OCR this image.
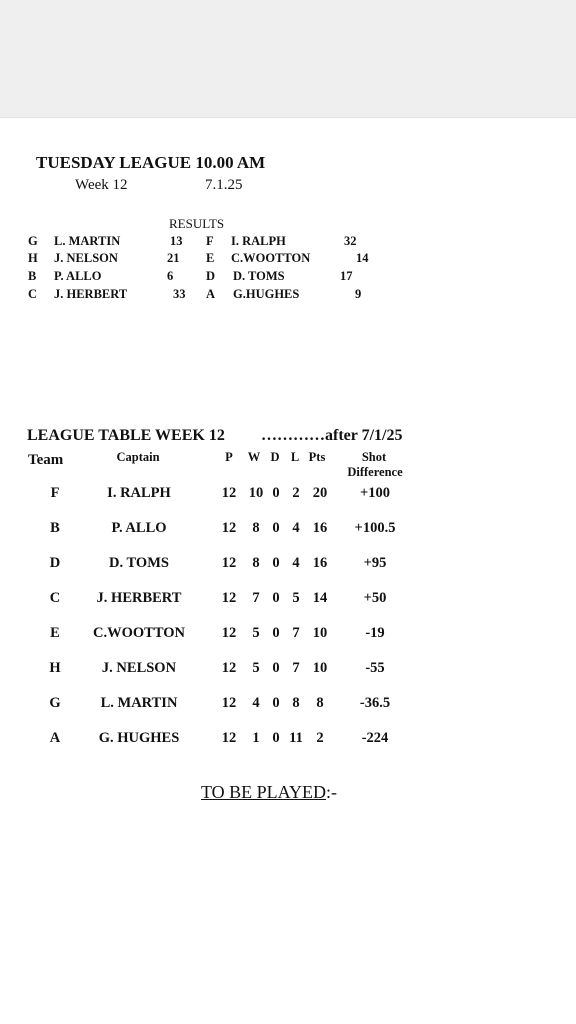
TUESDAY LEAGUE 10.00 AM
Week 12	7.1.25
RESULTS
G L. MARTIN	13 F I. RALPH	32
H J. NELSON	21 E C.WOOTTON	14
B P. ALLO	6	D D. TOMS	17
C J. HERBERT	33 A G.HUGHES	9
LEAGUE TABLE WEEK 12 …………after 7/1/25
Team	Captain	P W D L Pts	Shot
Difference
F	I. RALPH	12 10 0 2 20 +100
B	P. ALLO	12 8 0 4 16 +100.5
D	D. TOMS	12 8 0 4 16	+95
C	J. HERBERT	12 7 0 5 14	+50
E C.WOOTTON	12 5 0 7 10	-19
H	J. NELSON	12 5 0 7 10	-55
G	L. MARTIN	12 4 0 8 8	-36.5
A	G. HUGHES	12 1 0 11 2	-224
TO BE PLAYED:-
